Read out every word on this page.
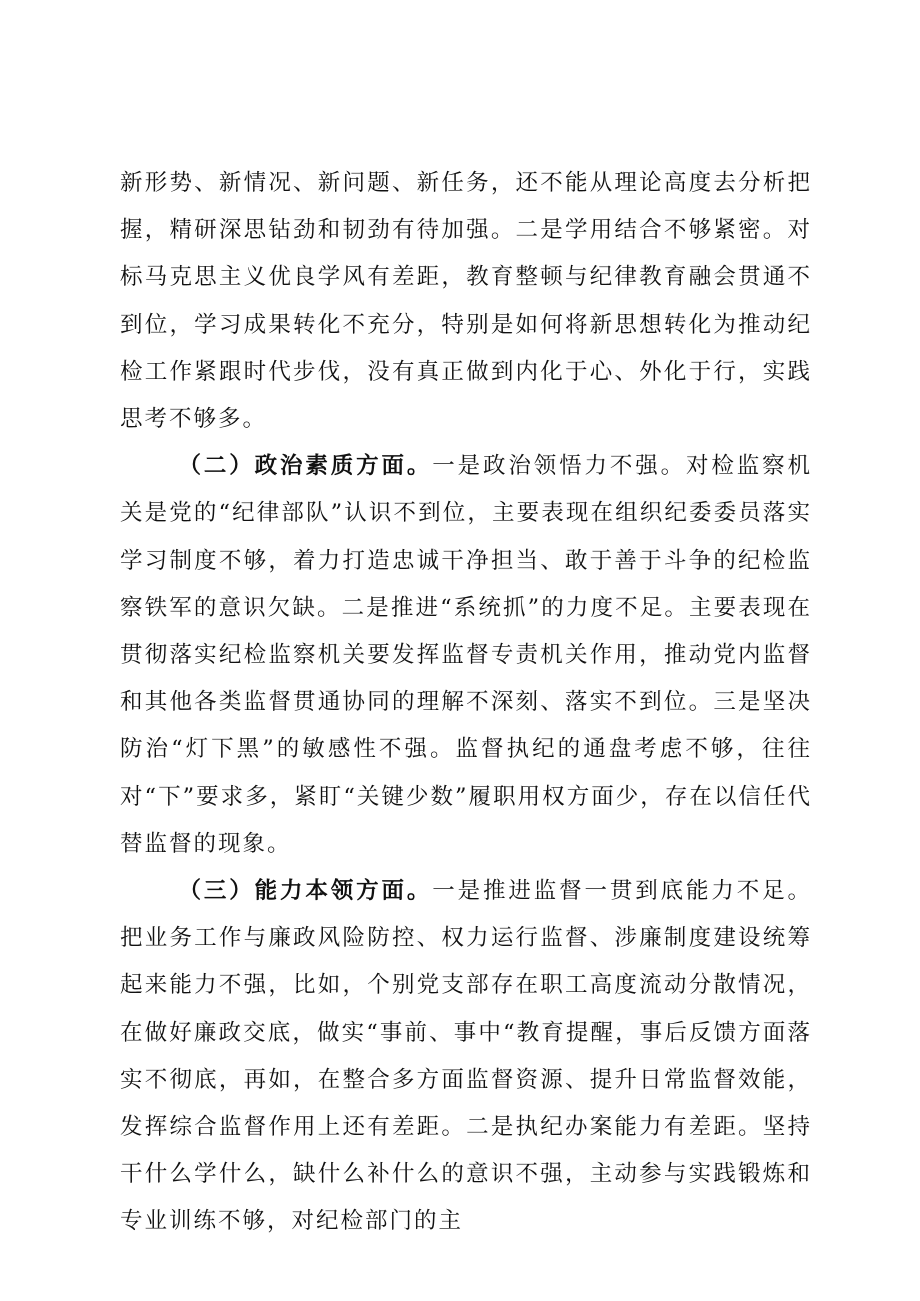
新形势、新情况、新问题、新任务，还不能从理论高度去分析把握，精研深思钻劲和韧劲有待加强。二是学用结合不够紧密。对标马克思主义优良学风有差距，教育整顿与纪律教育融会贯通不到位，学习成果转化不充分，特别是如何将新思想转化为推动纪检工作紧跟时代步伐，没有真正做到内化于心、外化于行，实践思考不够多。

（二）政治素质方面。一是政治领悟力不强。对检监察机关是党的“纪律部队”认识不到位，主要表现在组织纪委委员落实学习制度不够，着力打造忠诚干净担当、敢于善于斗争的纪检监察铁军的意识欠缺。二是推进“系统抓”的力度不足。主要表现在贯彻落实纪检监察机关要发挥监督专责机关作用，推动党内监督和其他各类监督贯通协同的理解不深刻、落实不到位。三是坚决防治“灯下黑”的敏感性不强。监督执纪的通盘考虑不够，往往对“下”要求多，紧盯“关键少数”履职用权方面少，存在以信任代替监督的现象。

（三）能力本领方面。一是推进监督一贯到底能力不足。把业务工作与廉政风险防控、权力运行监督、涉廉制度建设统筹起来能力不强，比如，个别党支部存在职工高度流动分散情况，在做好廉政交底，做实“事前、事中“教育提醒，事后反馈方面落实不彻底，再如，在整合多方面监督资源、提升日常监督效能，发挥综合监督作用上还有差距。二是执纪办案能力有差距。坚持干什么学什么，缺什么补什么的意识不强，主动参与实践锻炼和专业训练不够，对纪检部门的主
